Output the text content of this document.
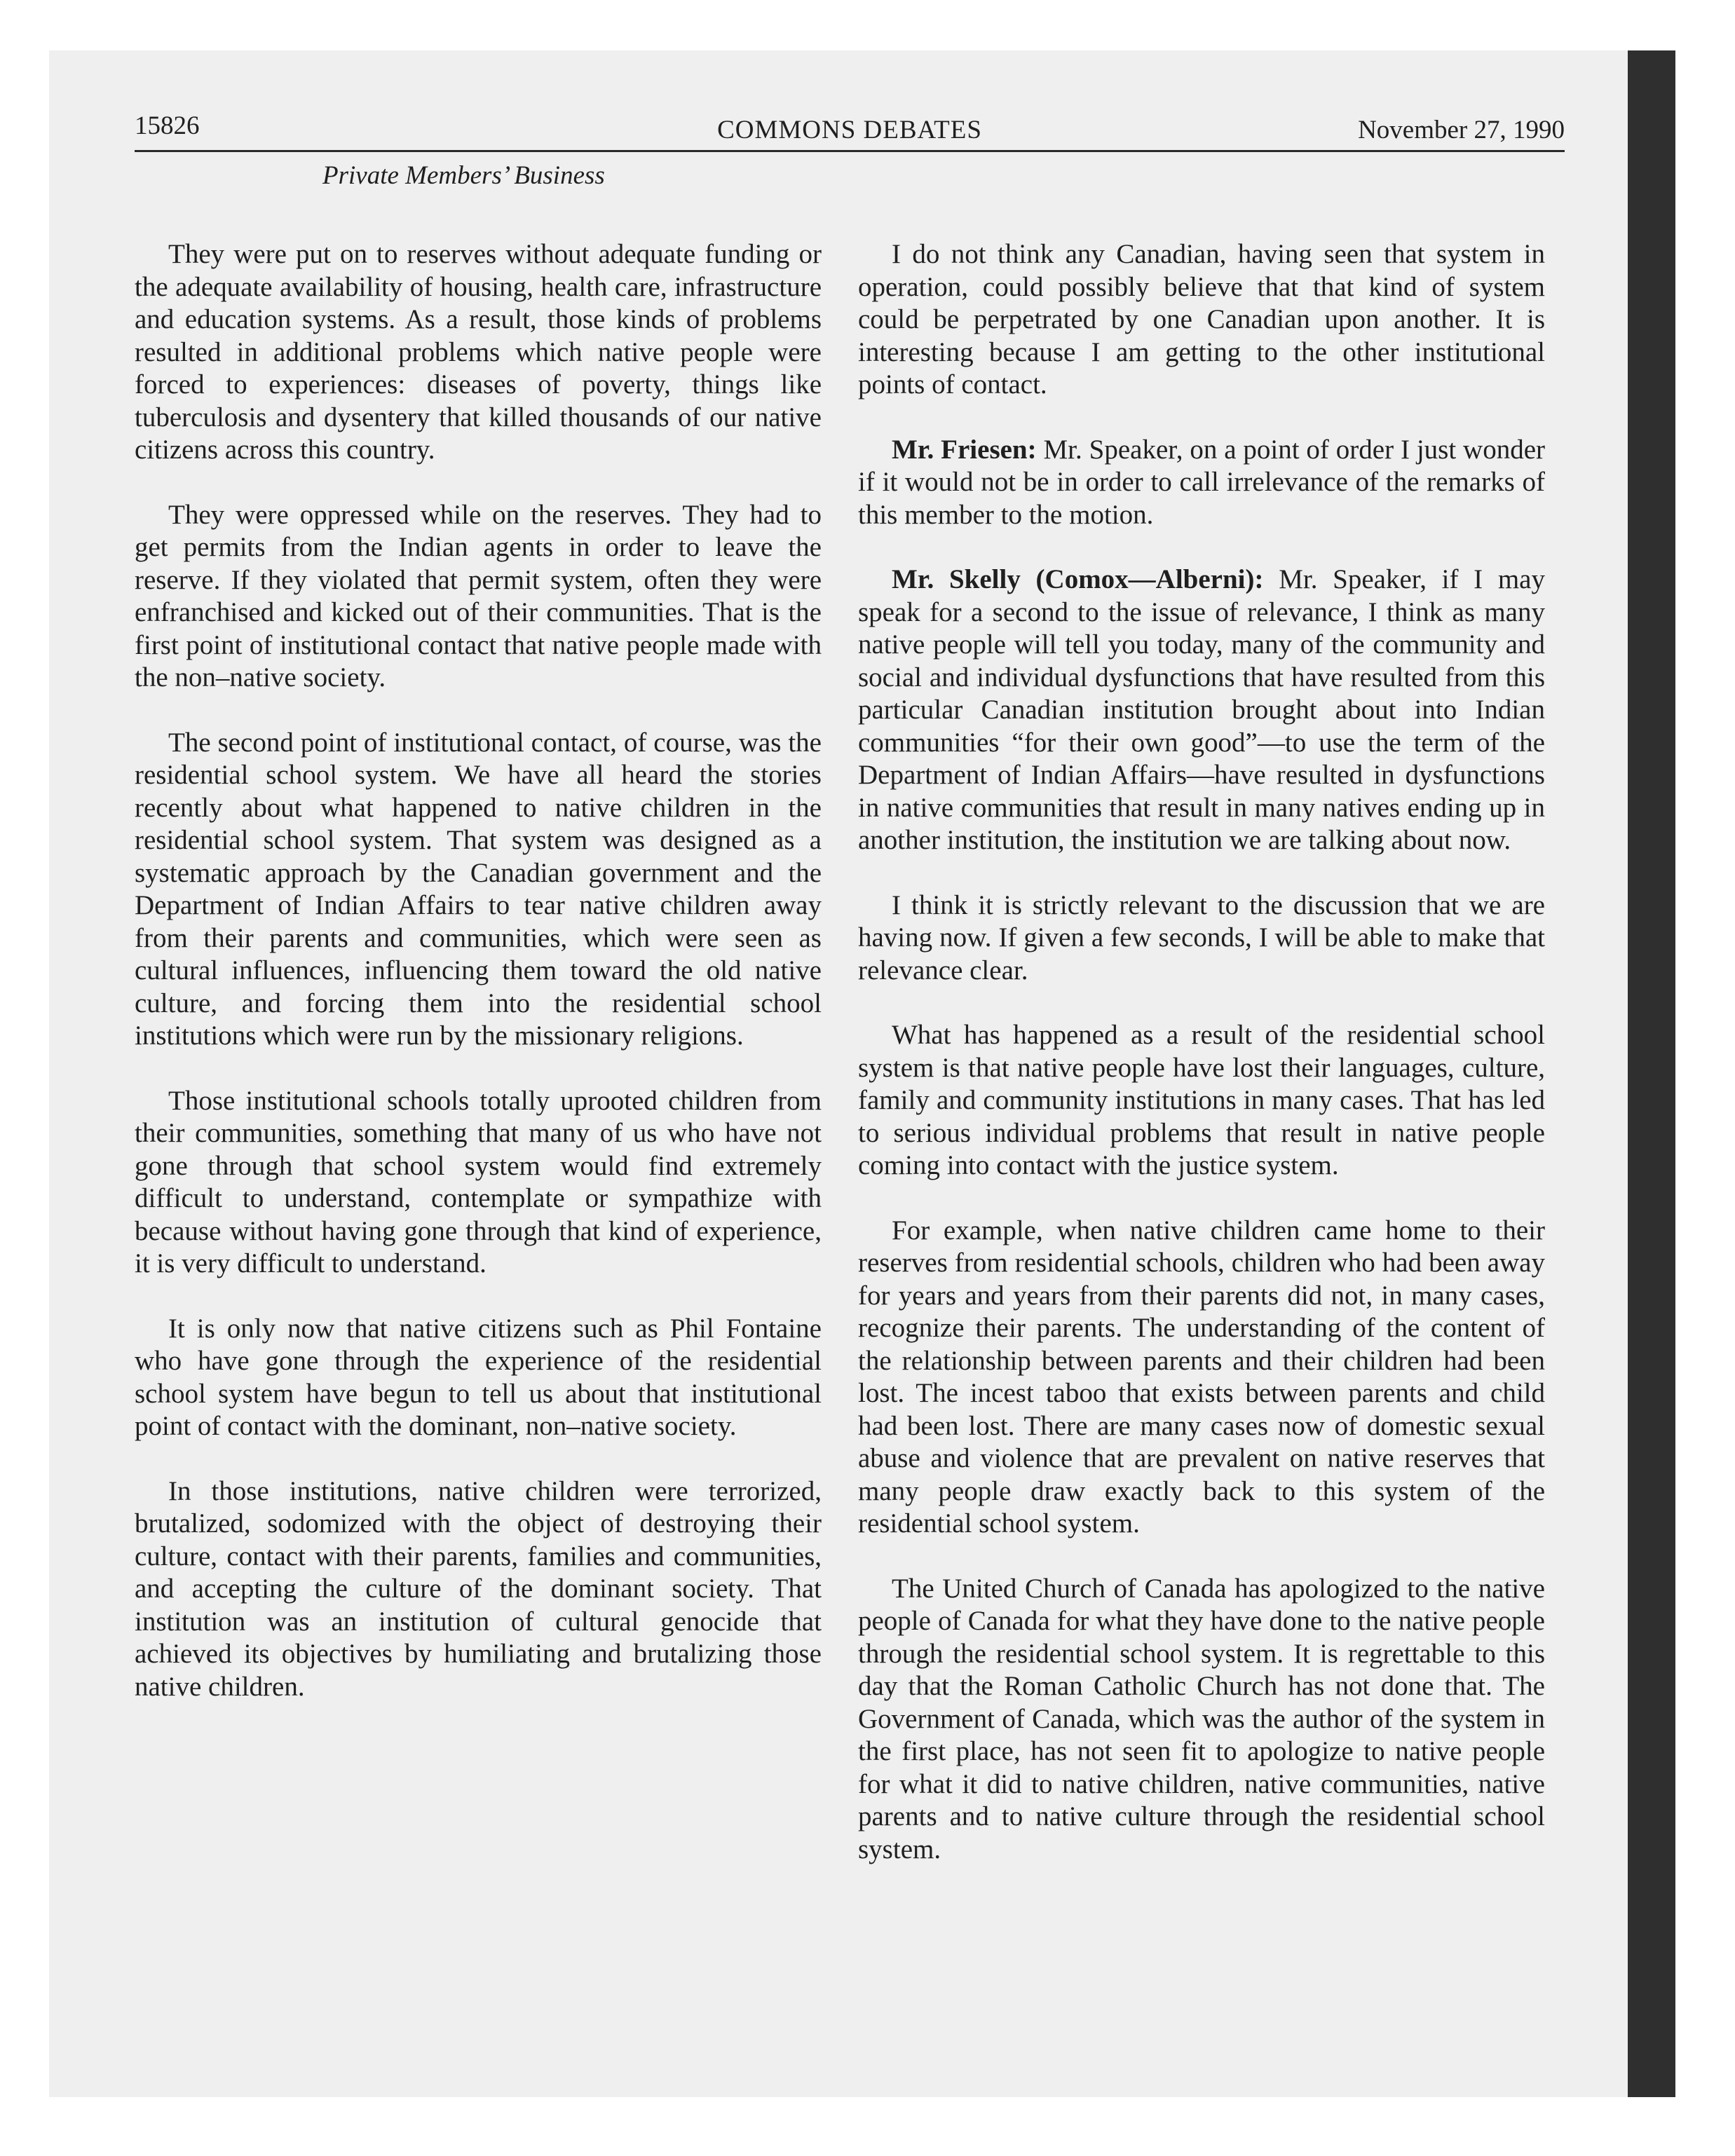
15826	COMMONS DEBATES	November 27, 1990
Private Members’ Business

They were put on to reserves without adequate funding or the adequate availability of housing, health care, infrastructure and education systems. As a result, those kinds of problems resulted in additional problems which native people were forced to experiences: diseases of poverty, things like tuberculosis and dysentery that killed thousands of our native citizens across this country.

They were oppressed while on the reserves. They had to get permits from the Indian agents in order to leave the reserve. If they violated that permit system, often they were enfranchised and kicked out of their communities. That is the first point of institutional contact that native people made with the non–native society.

The second point of institutional contact, of course, was the residential school system. We have all heard the stories recently about what happened to native children in the residential school system. That system was designed as a systematic approach by the Canadian government and the Department of Indian Affairs to tear native children away from their parents and communities, which were seen as cultural influences, influencing them toward the old native culture, and forcing them into the residential school institutions which were run by the missionary religions.

Those institutional schools totally uprooted children from their communities, something that many of us who have not gone through that school system would find extremely difficult to understand, contemplate or sympathize with because without having gone through that kind of experience, it is very difficult to understand.

It is only now that native citizens such as Phil Fontaine who have gone through the experience of the residential school system have begun to tell us about that institutional point of contact with the dominant, non–native society.

In those institutions, native children were terrorized, brutalized, sodomized with the object of destroying their culture, contact with their parents, families and communities, and accepting the culture of the dominant society. That institution was an institution of cultural genocide that achieved its objectives by humiliating and brutalizing those native children.

I do not think any Canadian, having seen that system in operation, could possibly believe that that kind of system could be perpetrated by one Canadian upon another. It is interesting because I am getting to the other institutional points of contact.

Mr. Friesen: Mr. Speaker, on a point of order I just wonder if it would not be in order to call irrelevance of the remarks of this member to the motion.

Mr. Skelly (Comox—Alberni): Mr. Speaker, if I may speak for a second to the issue of relevance, I think as many native people will tell you today, many of the community and social and individual dysfunctions that have resulted from this particular Canadian institution brought about into Indian communities “for their own good”—to use the term of the Department of Indian Affairs—have resulted in dysfunctions in native communities that result in many natives ending up in another institution, the institution we are talking about now.

I think it is strictly relevant to the discussion that we are having now. If given a few seconds, I will be able to make that relevance clear.

What has happened as a result of the residential school system is that native people have lost their languages, culture, family and community institutions in many cases. That has led to serious individual problems that result in native people coming into contact with the justice system.

For example, when native children came home to their reserves from residential schools, children who had been away for years and years from their parents did not, in many cases, recognize their parents. The understanding of the content of the relationship between parents and their children had been lost. The incest taboo that exists between parents and child had been lost. There are many cases now of domestic sexual abuse and violence that are prevalent on native reserves that many people draw exactly back to this system of the residential school system.

The United Church of Canada has apologized to the native people of Canada for what they have done to the native people through the residential school system. It is regrettable to this day that the Roman Catholic Church has not done that. The Government of Canada, which was the author of the system in the first place, has not seen fit to apologize to native people for what it did to native children, native communities, native parents and to native culture through the residential school system.
